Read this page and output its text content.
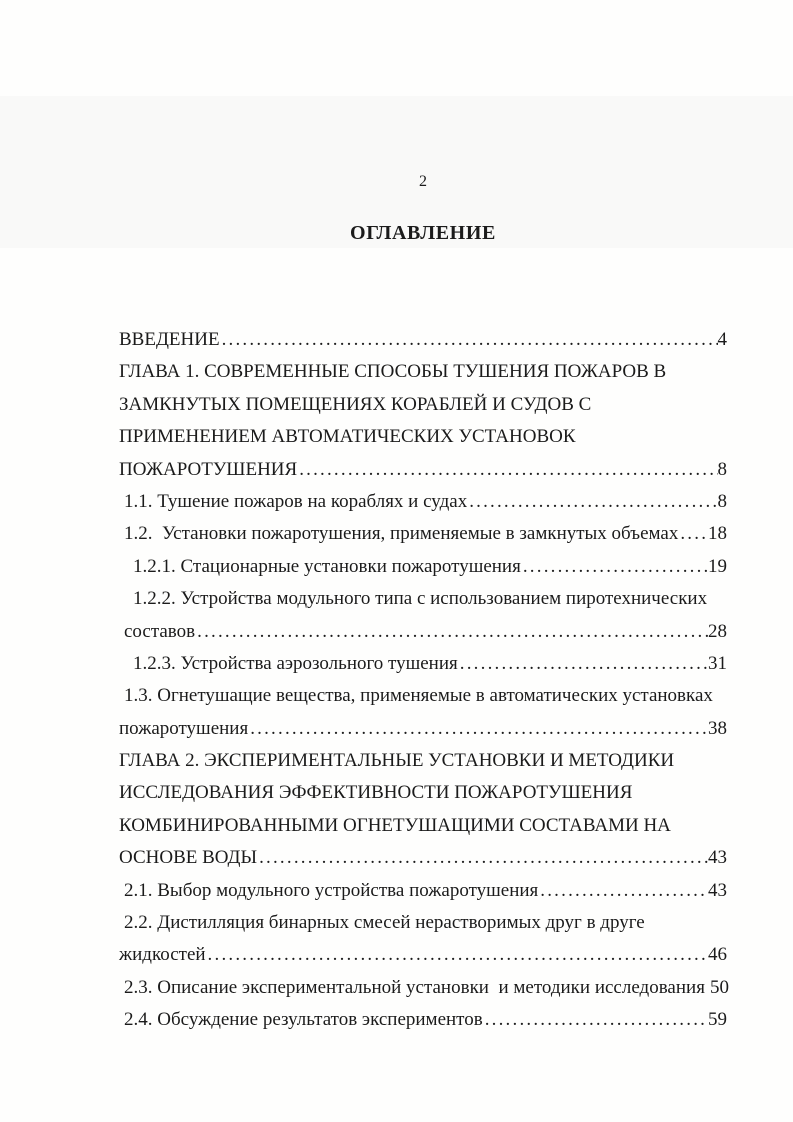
2
ОГЛАВЛЕНИЕ
ВВЕДЕНИЕ .....	4
ГЛАВА 1. СОВРЕМЕННЫЕ СПОСОБЫ ТУШЕНИЯ ПОЖАРОВ В
ЗАМКНУТЫХ ПОМЕЩЕНИЯХ КОРАБЛЕЙ И СУДОВ С
ПРИМЕНЕНИЕМ АВТОМАТИЧЕСКИХ УСТАНОВОК
ПОЖАРОТУШЕНИЯ .....	8
1.1. Тушение пожаров на кораблях и судах .....	8
1.2.  Установки пожаротушения, применяемые в замкнутых объемах ..... 18
1.2.1. Стационарные установки пожаротушения .....	19
1.2.2. Устройства модульного типа с использованием пиротехнических
составов .....	28
1.2.3. Устройства аэрозольного тушения .....	31
1.3. Огнетушащие вещества, применяемые в автоматических установках
пожаротушения .....	38
ГЛАВА 2. ЭКСПЕРИМЕНТАЛЬНЫЕ УСТАНОВКИ И МЕТОДИКИ
ИССЛЕДОВАНИЯ ЭФФЕКТИВНОСТИ ПОЖАРОТУШЕНИЯ
КОМБИНИРОВАННЫМИ ОГНЕТУШАЩИМИ СОСТАВАМИ НА
ОСНОВЕ ВОДЫ .....	43
2.1. Выбор модульного устройства пожаротушения .....	43
2.2. Дистилляция бинарных смесей нерастворимых друг в друге
жидкостей .....	46
2.3. Описание экспериментальной установки  и методики исследования 50
2.4. Обсуждение результатов экспериментов .....	59
